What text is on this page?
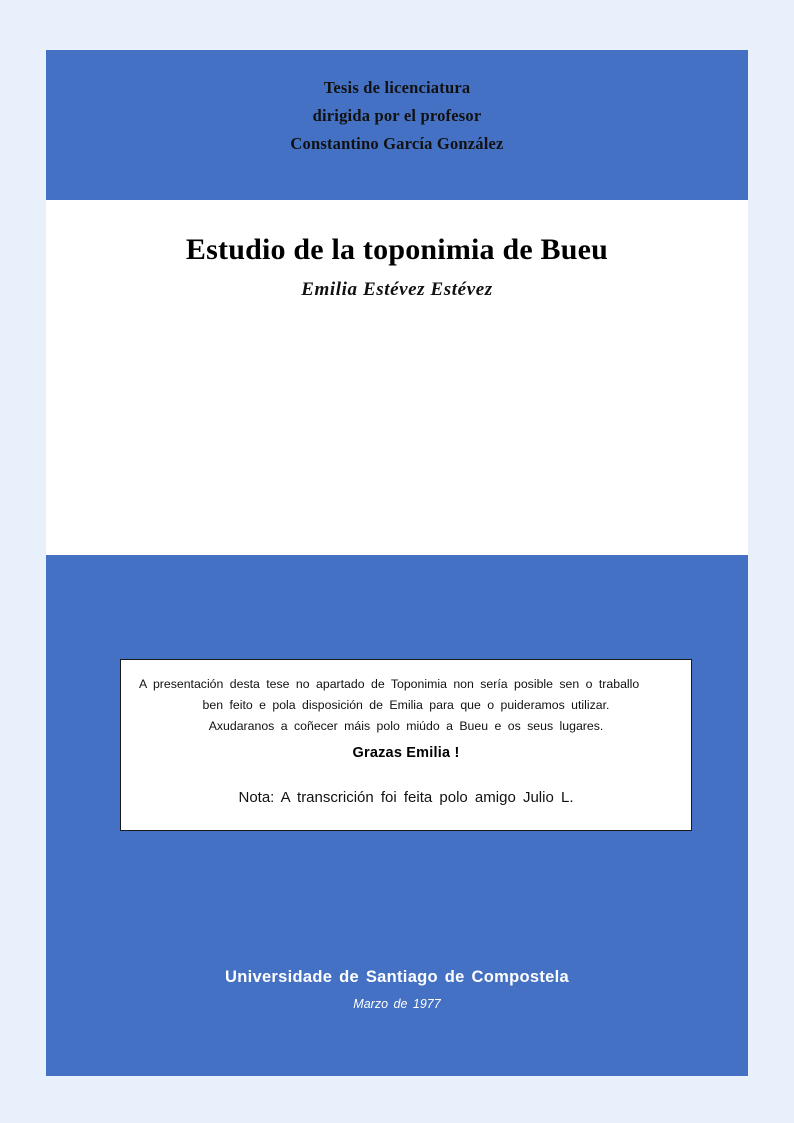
Tesis de licenciatura
dirigida por el profesor
Constantino García González
Estudio de la toponimia de Bueu
Emilia Estévez Estévez
A presentación desta tese no apartado de Toponimia non sería posible sen o traballo
ben feito e pola disposición de Emilia para que o puideramos utilizar.
Axudaranos a coñecer máis polo miúdo a Bueu e os seus lugares.
Grazas Emilia !
Nota: A transcrición foi feita polo amigo Julio L.
Universidade de Santiago de Compostela
Marzo de 1977
